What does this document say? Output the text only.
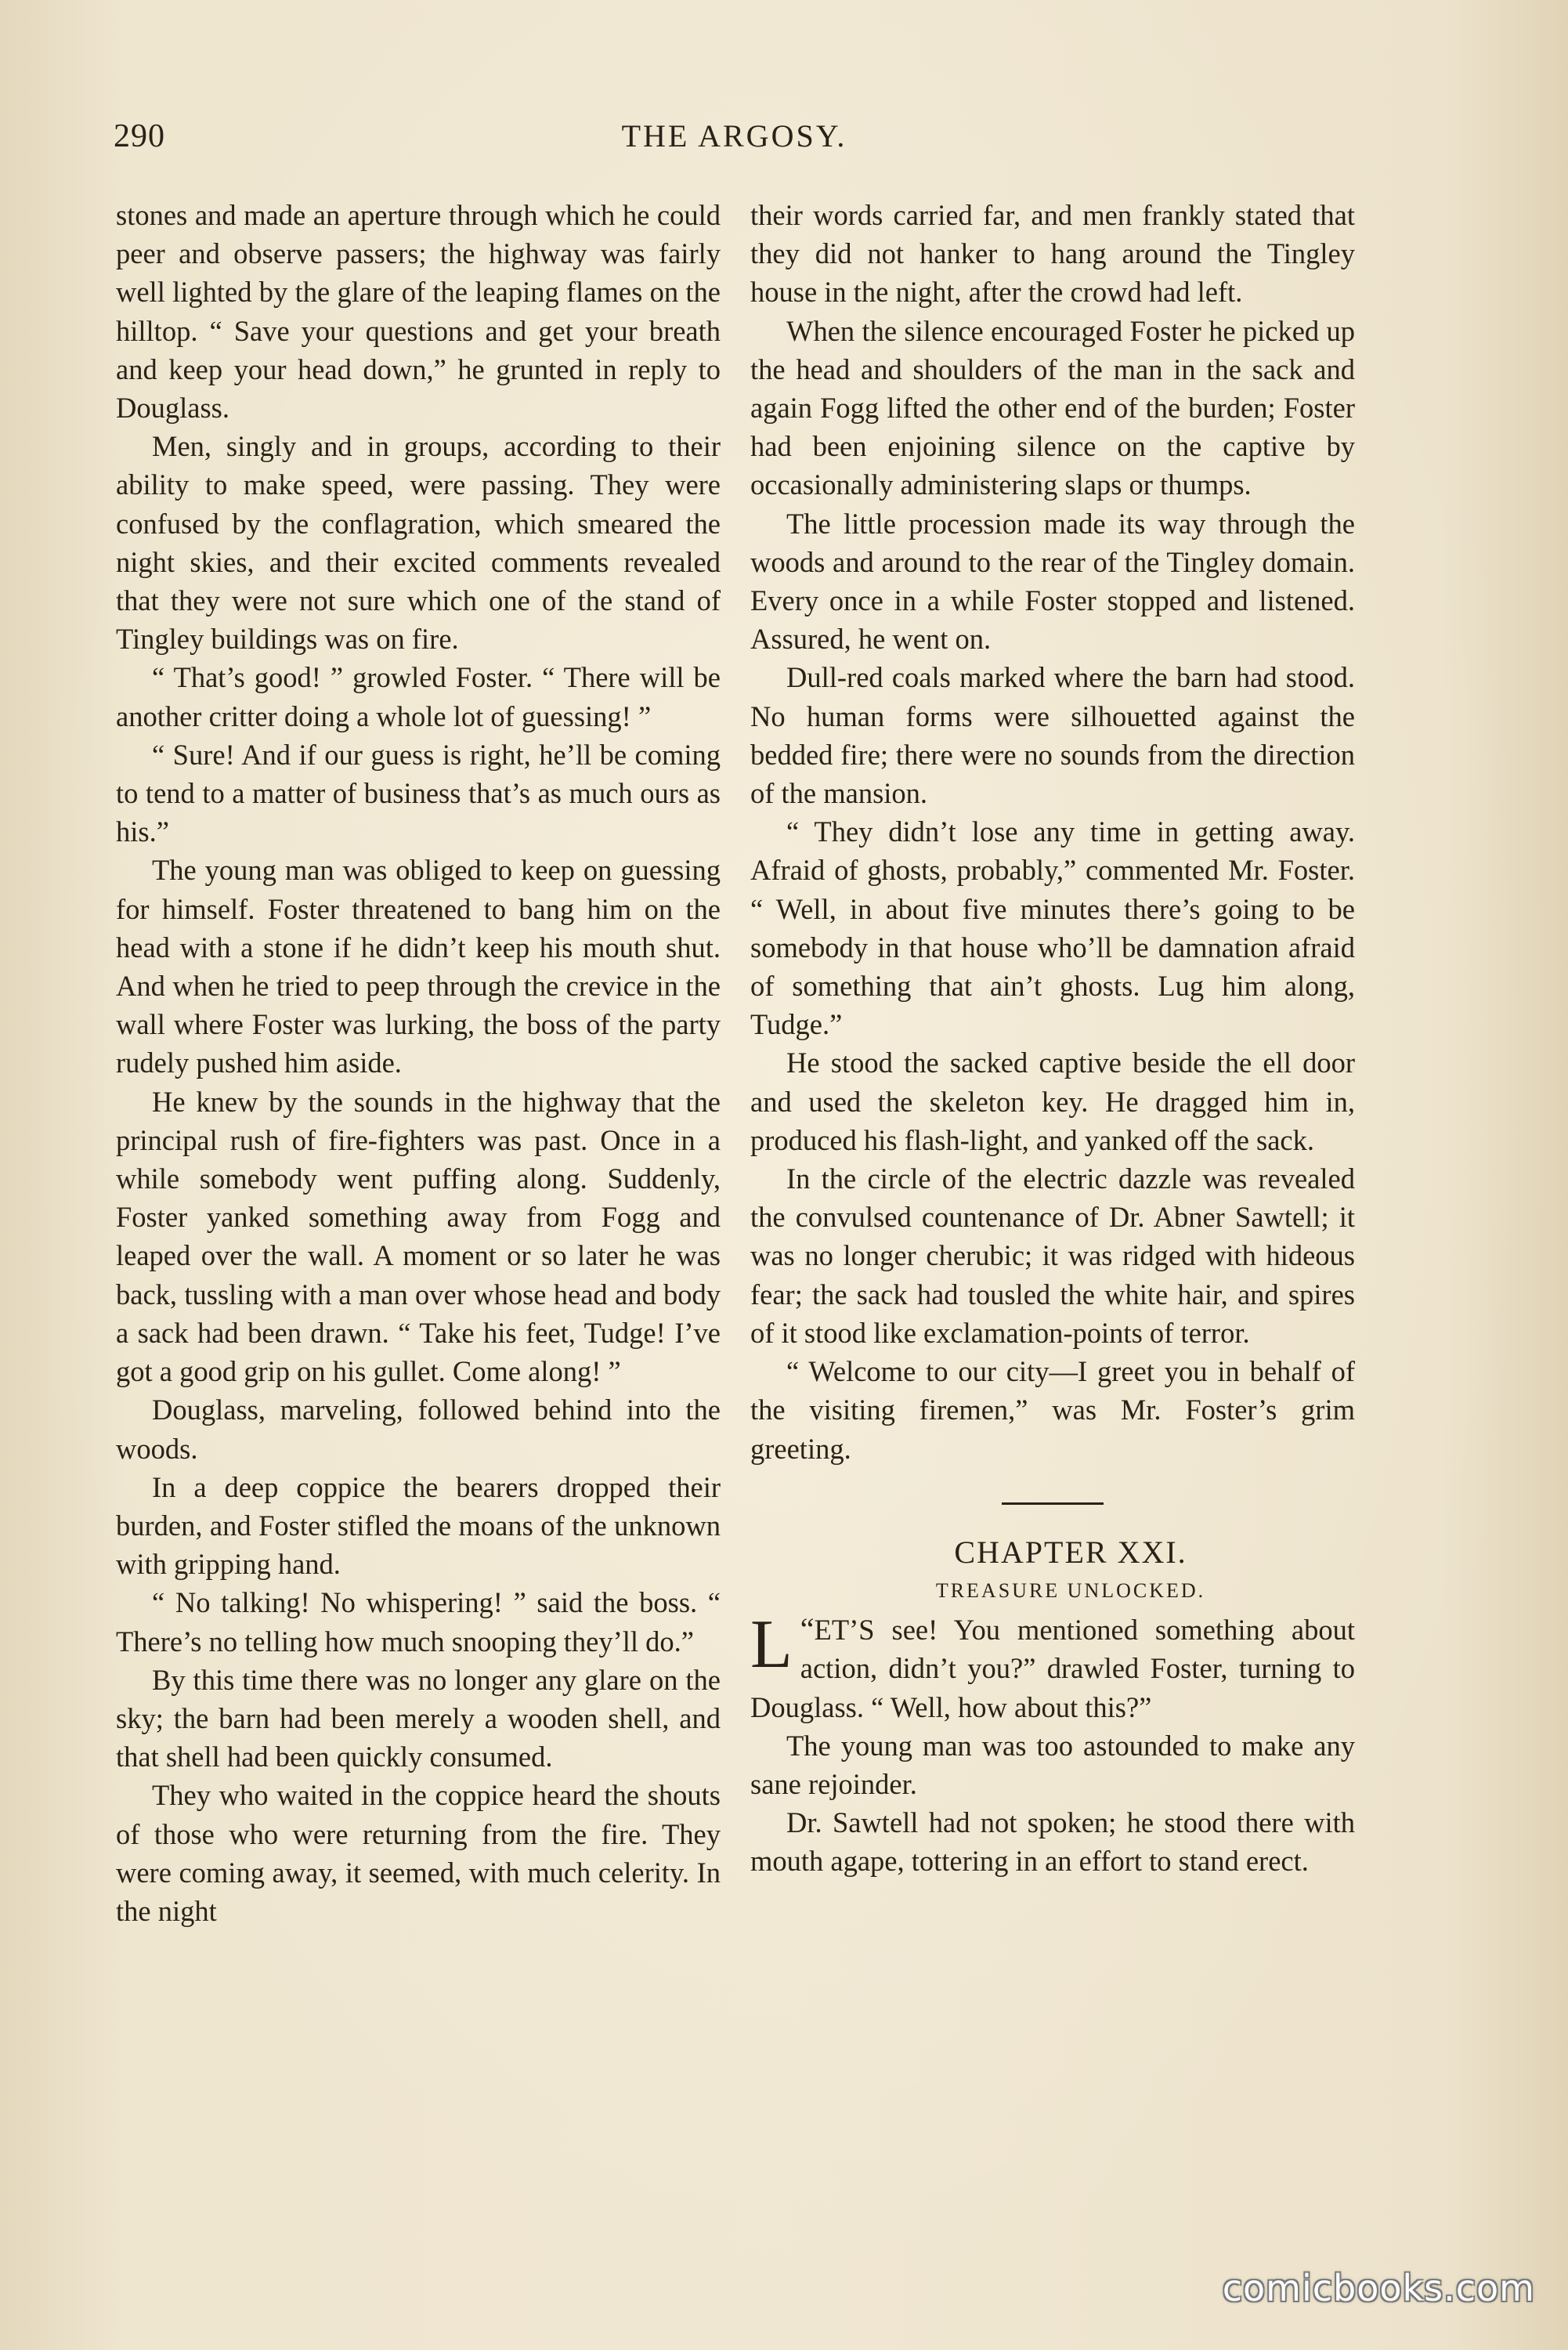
290	THE ARGOSY.

stones and made an aperture through which he could peer and observe passers; the highway was fairly well lighted by the glare of the leaping flames on the hilltop. “ Save your questions and get your breath and keep your head down,” he grunted in reply to Douglass.

Men, singly and in groups, according to their ability to make speed, were passing. They were confused by the conflagration, which smeared the night skies, and their excited comments revealed that they were not sure which one of the stand of Tingley buildings was on fire.

“ That’s good! ” growled Foster. “ There will be another critter doing a whole lot of guessing! ”

“ Sure! And if our guess is right, he’ll be coming to tend to a matter of business that’s as much ours as his.”

The young man was obliged to keep on guessing for himself. Foster threatened to bang him on the head with a stone if he didn’t keep his mouth shut. And when he tried to peep through the crevice in the wall where Foster was lurking, the boss of the party rudely pushed him aside.

He knew by the sounds in the highway that the principal rush of fire-fighters was past. Once in a while somebody went puffing along. Suddenly, Foster yanked something away from Fogg and leaped over the wall. A moment or so later he was back, tussling with a man over whose head and body a sack had been drawn. “ Take his feet, Tudge! I’ve got a good grip on his gullet. Come along! ”

Douglass, marveling, followed behind into the woods.

In a deep coppice the bearers dropped their burden, and Foster stifled the moans of the unknown with gripping hand.

“ No talking! No whispering! ” said the boss. “ There’s no telling how much snooping they’ll do.”

By this time there was no longer any glare on the sky; the barn had been merely a wooden shell, and that shell had been quickly consumed.

They who waited in the coppice heard the shouts of those who were returning from the fire. They were coming away, it seemed, with much celerity. In the night

their words carried far, and men frankly stated that they did not hanker to hang around the Tingley house in the night, after the crowd had left.

When the silence encouraged Foster he picked up the head and shoulders of the man in the sack and again Fogg lifted the other end of the burden; Foster had been enjoining silence on the captive by occasionally administering slaps or thumps.

The little procession made its way through the woods and around to the rear of the Tingley domain. Every once in a while Foster stopped and listened. Assured, he went on.

Dull-red coals marked where the barn had stood. No human forms were silhouetted against the bedded fire; there were no sounds from the direction of the mansion.

“ They didn’t lose any time in getting away. Afraid of ghosts, probably,” commented Mr. Foster. “ Well, in about five minutes there’s going to be somebody in that house who’ll be damnation afraid of something that ain’t ghosts. Lug him along, Tudge.”

He stood the sacked captive beside the ell door and used the skeleton key. He dragged him in, produced his flash-light, and yanked off the sack.

In the circle of the electric dazzle was revealed the convulsed countenance of Dr. Abner Sawtell; it was no longer cherubic; it was ridged with hideous fear; the sack had tousled the white hair, and spires of it stood like exclamation-points of terror.

“ Welcome to our city—I greet you in behalf of the visiting firemen,” was Mr. Foster’s grim greeting.

CHAPTER XXI.

TREASURE UNLOCKED.

“
L ET’S see! You mentioned something about action, didn’t you?” drawled Foster, turning to Douglass. “ Well, how about this?”

The young man was too astounded to make any sane rejoinder.

Dr. Sawtell had not spoken; he stood there with mouth agape, tottering in an effort to stand erect.

comicbooks.com
